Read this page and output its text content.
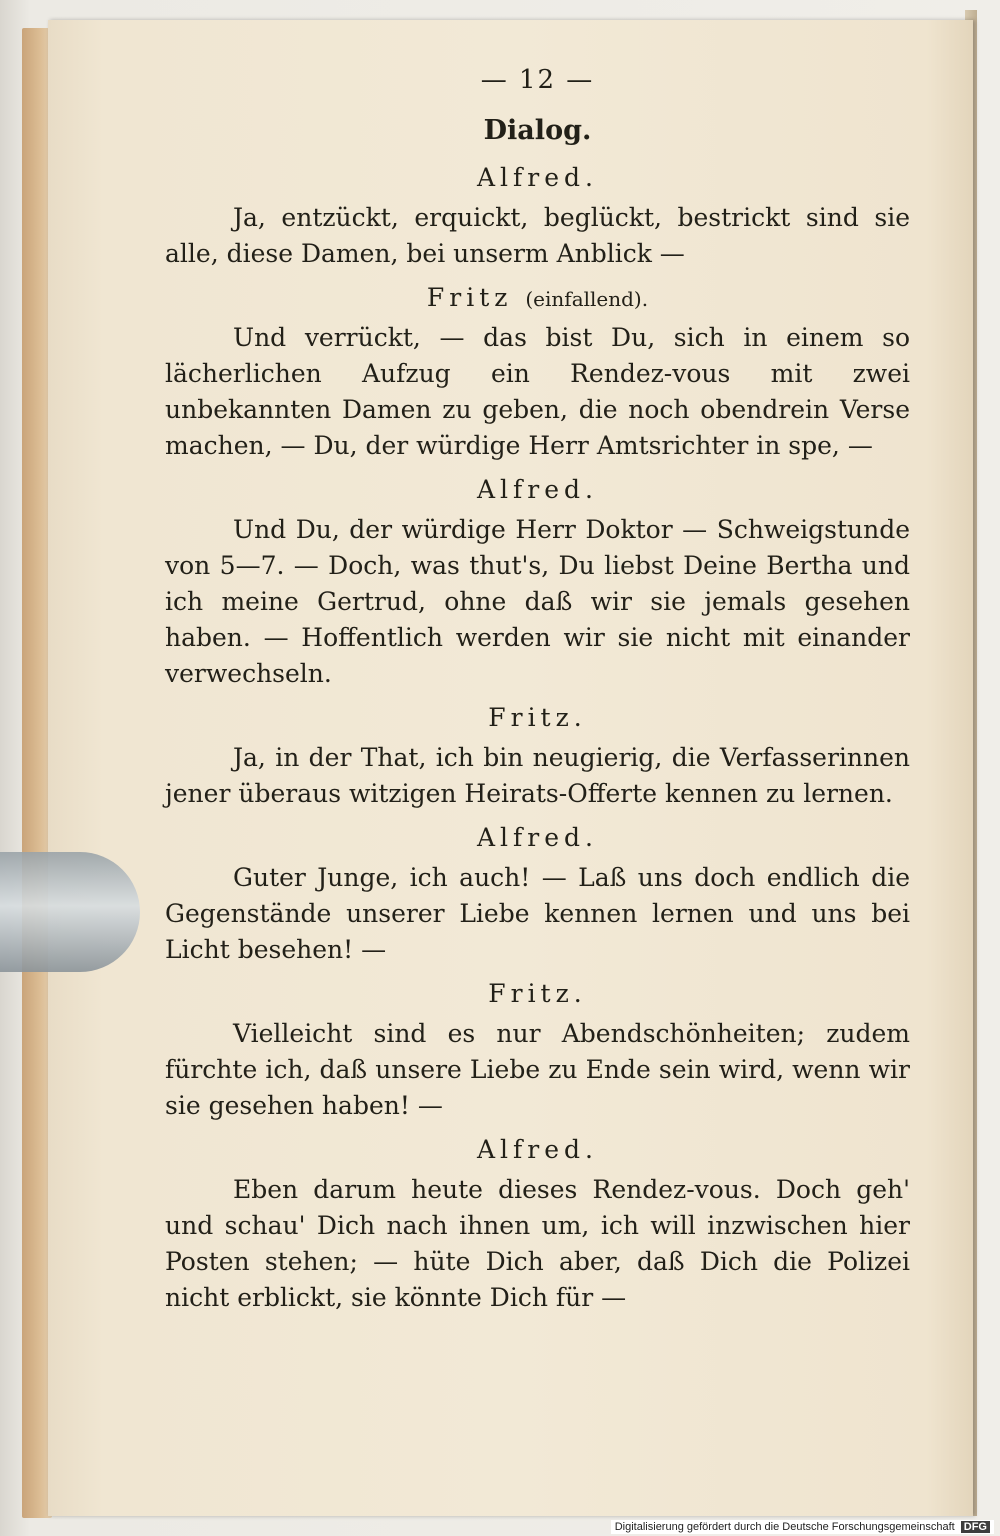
— 12 —
Dialog.
Alfred.

Ja, entzückt, erquickt, beglückt, bestrickt sind sie alle, diese Damen, bei unserm Anblick —

Fritz (einfallend).

Und verrückt, — das bist Du, sich in einem so lächerlichen Aufzug ein Rendez-vous mit zwei unbekannten Damen zu geben, die noch obendrein Verse machen, — Du, der würdige Herr Amtsrichter in spe, —

Alfred.

Und Du, der würdige Herr Doktor — Schweigstunde von 5—7. — Doch, was thut's, Du liebst Deine Bertha und ich meine Gertrud, ohne daß wir sie jemals gesehen haben. — Hoffentlich werden wir sie nicht mit einander verwechseln.

Fritz.

Ja, in der That, ich bin neugierig, die Verfasserinnen jener überaus witzigen Heirats-Offerte kennen zu lernen.

Alfred.

Guter Junge, ich auch! — Laß uns doch endlich die Gegenstände unserer Liebe kennen lernen und uns bei Licht besehen! —

Fritz.

Vielleicht sind es nur Abendschönheiten; zudem fürchte ich, daß unsere Liebe zu Ende sein wird, wenn wir sie gesehen haben! —

Alfred.

Eben darum heute dieses Rendez-vous. Doch geh' und schau' Dich nach ihnen um, ich will inzwischen hier Posten stehen; — hüte Dich aber, daß Dich die Polizei nicht erblickt, sie könnte Dich für —

Digitalisierung gefördert durch die Deutsche Forschungsgemeinschaft DFG
